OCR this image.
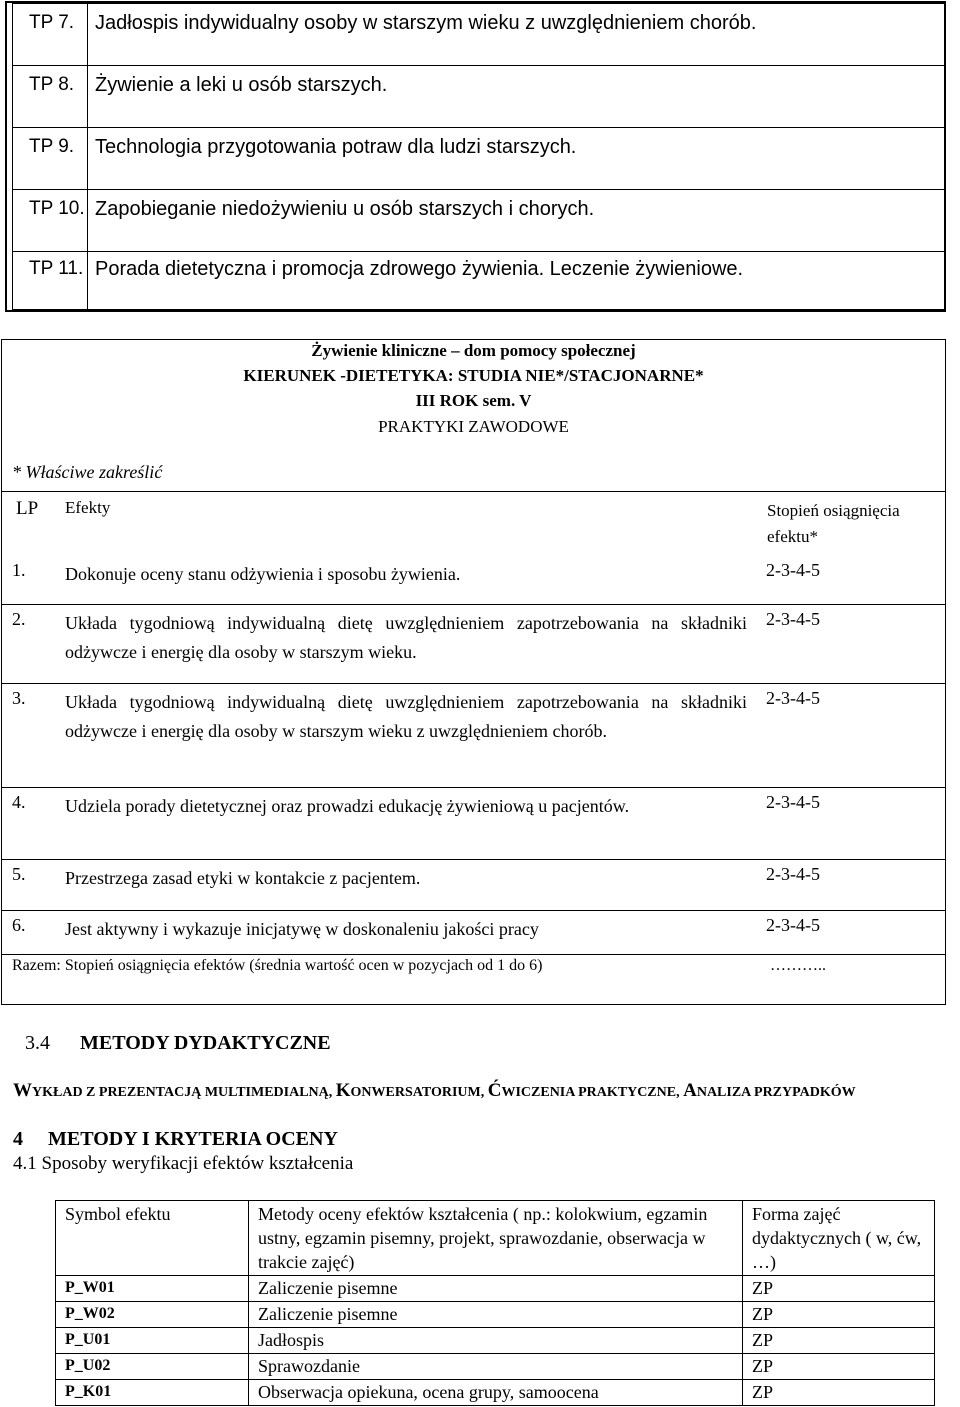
TP 7.	Jadłospis indywidualny osoby w starszym wieku z uwzględnieniem chorób.
TP 8.	Żywienie a leki u osób starszych.
TP 9.	Technologia przygotowania potraw dla ludzi starszych.
TP 10. Zapobieganie niedożywieniu u osób starszych i chorych.
TP 11. Porada dietetyczna i promocja zdrowego żywienia. Leczenie żywieniowe.
Żywienie kliniczne – dom pomocy społecznej
KIERUNEK -DIETETYKA: STUDIA NIE*/STACJONARNE*
III ROK sem. V
PRAKTYKI ZAWODOWE
* Właściwe zakreślić
LP Efekty	Stopień osiągnięcia efektu*
1. Dokonuje oceny stanu odżywienia i sposobu żywienia.	2-3-4-5
2. Układa tygodniową indywidualną dietę uwzględnieniem zapotrzebowania na składniki odżywcze i energię dla osoby w starszym wieku.
2-3-4-5
3. Układa tygodniową indywidualną dietę uwzględnieniem zapotrzebowania na składniki odżywcze i energię dla osoby w starszym wieku z uwzględnieniem chorób.
2-3-4-5
4. Udziela porady dietetycznej oraz prowadzi edukację żywieniową u pacjentów.	2-3-4-5
5. Przestrzega zasad etyki w kontakcie z pacjentem.	2-3-4-5
6. Jest aktywny i wykazuje inicjatywę w doskonaleniu jakości pracy	2-3-4-5
Razem: Stopień osiągnięcia efektów (średnia wartość ocen w pozycjach od 1 do 6)	………..
3.4 METODY DYDAKTYCZNE
WYKŁAD Z PREZENTACJĄ MULTIMEDIALNĄ, KONWERSATORIUM, ĆWICZENIA PRAKTYCZNE, ANALIZA PRZYPADKÓW
4 METODY I KRYTERIA OCENY
4.1 Sposoby weryfikacji efektów kształcenia
Symbol efektu	Metody oceny efektów kształcenia ( np.: kolokwium, egzamin ustny, egzamin pisemny, projekt, sprawozdanie, obserwacja w trakcie zajęć)	Forma zajęć dydaktycznych ( w, ćw, …)
P_W01	Zaliczenie pisemne	ZP
P_W02	Zaliczenie pisemne	ZP
P_U01	Jadłospis	ZP
P_U02	Sprawozdanie	ZP
P_K01	Obserwacja opiekuna, ocena grupy, samoocena	ZP
